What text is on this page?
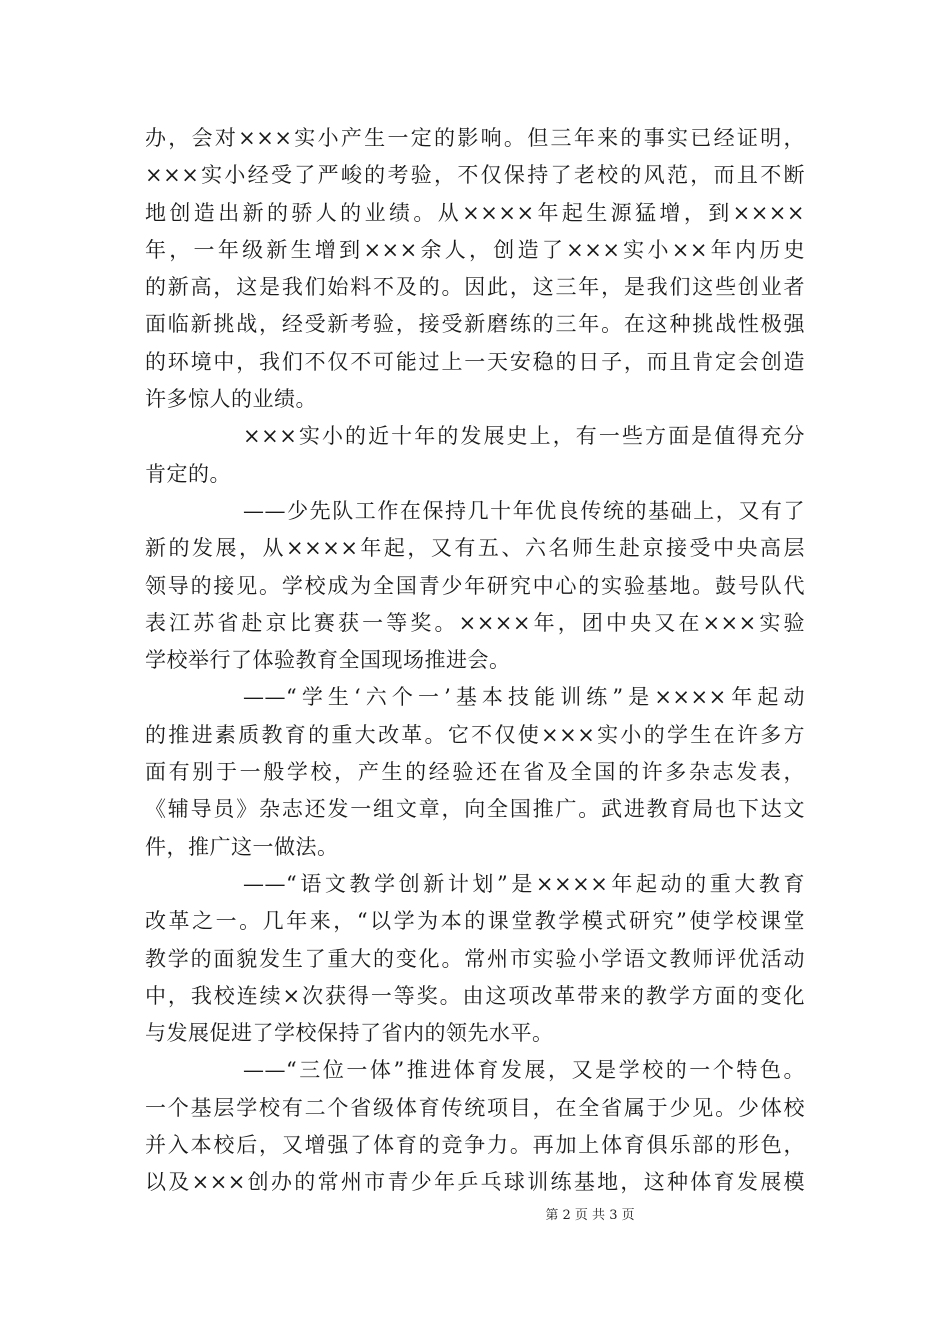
办，会对×××实小产生一定的影响。但三年来的事实已经证明，
×××实小经受了严峻的考验，不仅保持了老校的风范，而且不断
地创造出新的骄人的业绩。从××××年起生源猛增，到××××
年，一年级新生增到×××余人，创造了×××实小××年内历史
的新高，这是我们始料不及的。因此，这三年，是我们这些创业者
面临新挑战，经受新考验，接受新磨练的三年。在这种挑战性极强
的环境中，我们不仅不可能过上一天安稳的日子，而且肯定会创造
许多惊人的业绩。
×××实小的近十年的发展史上，有一些方面是值得充分
肯定的。
——少先队工作在保持几十年优良传统的基础上，又有了
新的发展，从××××年起，又有五、六名师生赴京接受中央高层
领导的接见。学校成为全国青少年研究中心的实验基地。鼓号队代
表江苏省赴京比赛获一等奖。××××年，团中央又在×××实验
学校举行了体验教育全国现场推进会。
——“学生‘六个一’基本技能训练”是××××年起动
的推进素质教育的重大改革。它不仅使×××实小的学生在许多方
面有别于一般学校，产生的经验还在省及全国的许多杂志发表，
《辅导员》杂志还发一组文章，向全国推广。武进教育局也下达文
件，推广这一做法。
——“语文教学创新计划”是××××年起动的重大教育
改革之一。几年来，“以学为本的课堂教学模式研究”使学校课堂
教学的面貌发生了重大的变化。常州市实验小学语文教师评优活动
中，我校连续×次获得一等奖。由这项改革带来的教学方面的变化
与发展促进了学校保持了省内的领先水平。
——“三位一体”推进体育发展，又是学校的一个特色。
一个基层学校有二个省级体育传统项目，在全省属于少见。少体校
并入本校后，又增强了体育的竞争力。再加上体育俱乐部的形色，
以及×××创办的常州市青少年乒乓球训练基地，这种体育发展模
第 2 页 共 3 页
